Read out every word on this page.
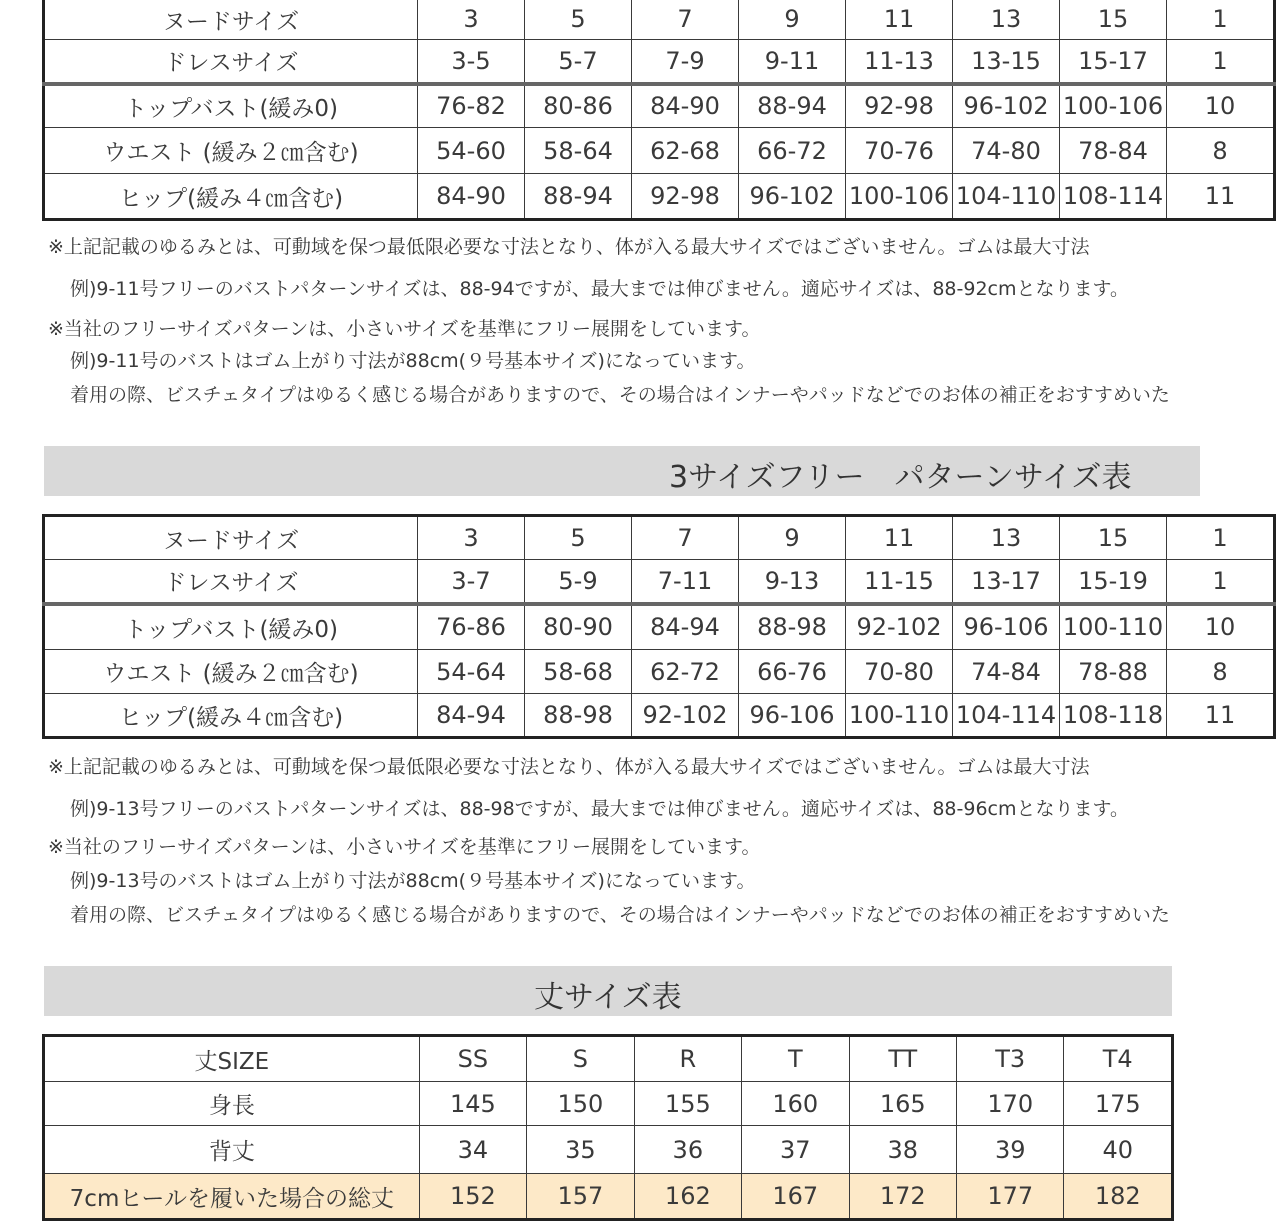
ヌードサイズ	3	5	7	9	11	13	15	1
ドレスサイズ	3-5	5-7	7-9	9-11	11-13	13-15	15-17	1
トップバスト(緩み0)	76-82	80-86	84-90	88-94	92-98	96-102	100-106	10
ウエスト (緩み２㎝含む)	54-60	58-64	62-68	66-72	70-76	74-80	78-84	8
ヒップ(緩み４㎝含む)	84-90	88-94	92-98	96-102	100-106	104-110	108-114	11
※上記記載のゆるみとは、可動域を保つ最低限必要な寸法となり、体が入る最大サイズではございません。ゴムは最大寸法
例)9-11号フリーのバストパターンサイズは、88-94ですが、最大までは伸びません。適応サイズは、88-92cmとなります。
※当社のフリーサイズパターンは、小さいサイズを基準にフリー展開をしています。
例)9-11号のバストはゴム上がり寸法が88cm(９号基本サイズ)になっています。
着用の際、ビスチェタイプはゆるく感じる場合がありますので、その場合はインナーやパッドなどでのお体の補正をおすすめいた
3サイズフリー　パターンサイズ表
ヌードサイズ	3	5	7	9	11	13	15	1
ドレスサイズ	3-7	5-9	7-11	9-13	11-15	13-17	15-19	1
トップバスト(緩み0)	76-86	80-90	84-94	88-98	92-102	96-106	100-110	10
ウエスト (緩み２㎝含む)	54-64	58-68	62-72	66-76	70-80	74-84	78-88	8
ヒップ(緩み４㎝含む)	84-94	88-98	92-102	96-106	100-110	104-114	108-118	11
※上記記載のゆるみとは、可動域を保つ最低限必要な寸法となり、体が入る最大サイズではございません。ゴムは最大寸法
例)9-13号フリーのバストパターンサイズは、88-98ですが、最大までは伸びません。適応サイズは、88-96cmとなります。
※当社のフリーサイズパターンは、小さいサイズを基準にフリー展開をしています。
例)9-13号のバストはゴム上がり寸法が88cm(９号基本サイズ)になっています。
着用の際、ビスチェタイプはゆるく感じる場合がありますので、その場合はインナーやパッドなどでのお体の補正をおすすめいた
丈サイズ表
丈SIZE	SS	S	R	T	TT	T3	T4
身長	145	150	155	160	165	170	175
背丈	34	35	36	37	38	39	40
7cmヒールを履いた場合の総丈	152	157	162	167	172	177	182
